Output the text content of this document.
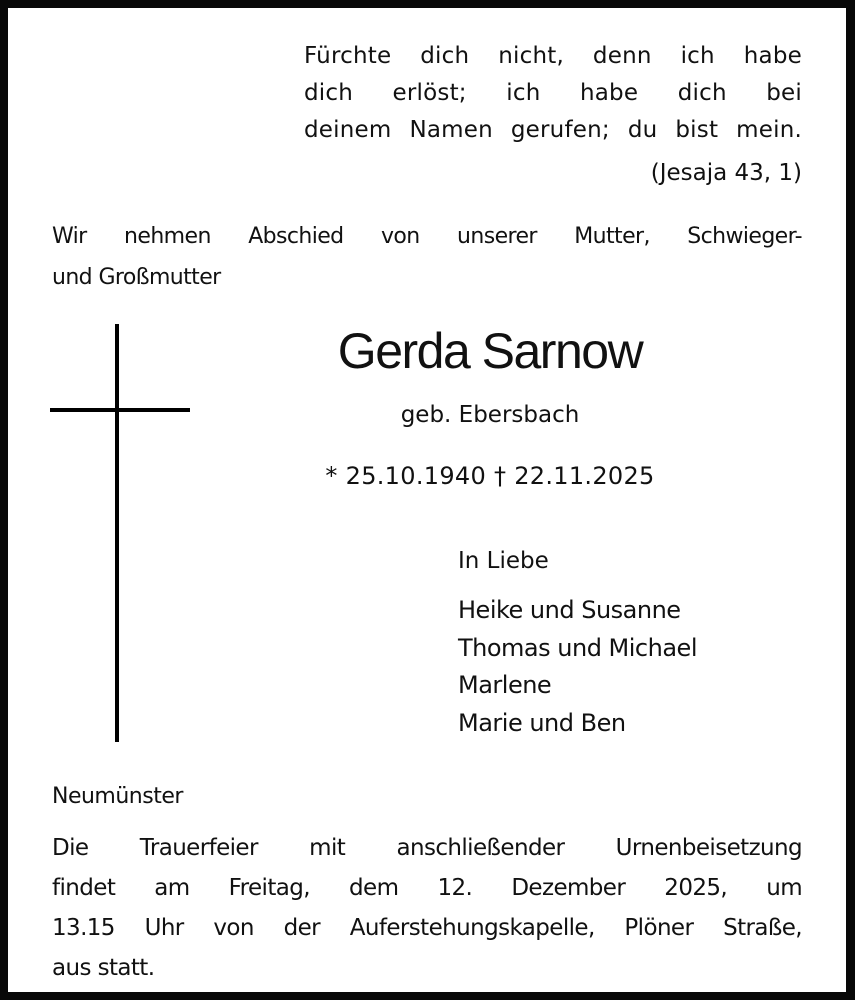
Fürchte dich nicht, denn ich habe
dich erlöst; ich habe dich bei
deinem Namen gerufen; du bist mein.
(Jesaja 43, 1)
Wir nehmen Abschied von unserer Mutter, Schwieger-
und Großmutter
Gerda Sarnow
geb. Ebersbach
* 25.10.1940 † 22.11.2025
In Liebe
Heike und Susanne
Thomas und Michael
Marlene
Marie und Ben
Neumünster
Die Trauerfeier mit anschließender Urnenbeisetzung
findet am Freitag, dem 12. Dezember 2025, um
13.15 Uhr von der Auferstehungskapelle, Plöner Straße,
aus statt.
